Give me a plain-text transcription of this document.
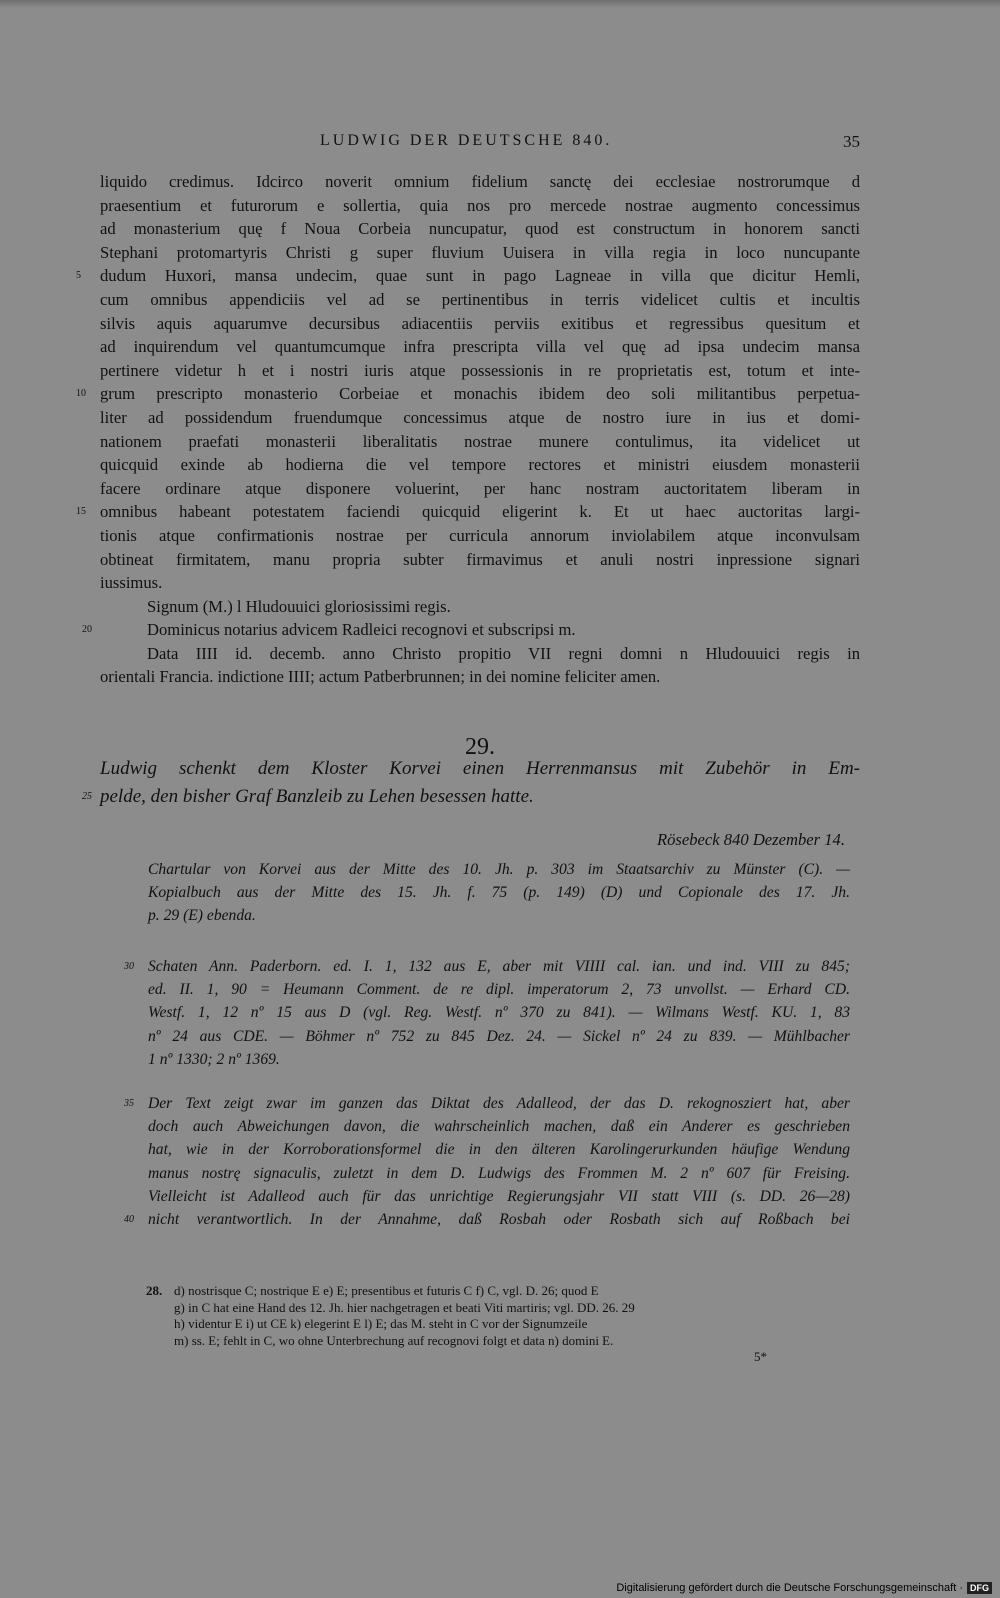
LUDWIG DER DEUTSCHE 840.	35
liquido credimus. Idcirco noverit omnium fidelium sanctę dei ecclesiae nostrorumque d
praesentium et futurorum e sollertia, quia nos pro mercede nostrae augmento concessimus
ad monasterium quę f Noua Corbeia nuncupatur, quod est constructum in honorem sancti
Stephani protomartyris Christi g super fluvium Uuisera in villa regia in loco nuncupante
5	dudum Huxori, mansa undecim, quae sunt in pago Lagneae in villa que dicitur Hemli,
cum omnibus appendiciis vel ad se pertinentibus in terris videlicet cultis et incultis
silvis aquis aquarumve decursibus adiacentiis perviis exitibus et regressibus quesitum et
ad inquirendum vel quantumcumque infra prescripta villa vel quę ad ipsa undecim mansa
pertinere videtur h et i nostri iuris atque possessionis in re proprietatis est, totum et inte-
10 grum prescripto monasterio Corbeiae et monachis ibidem deo soli militantibus perpetua-
liter ad possidendum fruendumque concessimus atque de nostro iure in ius et domi-
nationem praefati monasterii liberalitatis nostrae munere contulimus, ita videlicet ut
quicquid exinde ab hodierna die vel tempore rectores et ministri eiusdem monasterii
facere ordinare atque disponere voluerint, per hanc nostram auctoritatem liberam in
15 omnibus habeant potestatem faciendi quicquid eligerint k. Et ut haec auctoritas largi-
tionis atque confirmationis nostrae per curricula annorum inviolabilem atque inconvulsam
obtineat firmitatem, manu propria subter firmavimus et anuli nostri inpressione signari
iussimus.
Signum (M.) l Hludouuici gloriosissimi regis.
20	Dominicus notarius advicem Radleici recognovi et subscripsi m.
Data IIII id. decemb. anno Christo propitio VII regni domni n Hludouuici regis in
orientali Francia. indictione IIII; actum Patberbrunnen; in dei nomine feliciter amen.
29.
Ludwig schenkt dem Kloster Korvei einen Herrenmansus mit Zubehör in Em-
25 pelde, den bisher Graf Banzleib zu Lehen besessen hatte.
Rösebeck 840 Dezember 14.
Chartular von Korvei aus der Mitte des 10. Jh. p. 303 im Staatsarchiv zu Münster (C). —
Kopialbuch aus der Mitte des 15. Jh. f. 75 (p. 149) (D) und Copionale des 17. Jh.
p. 29 (E) ebenda.
30 Schaten Ann. Paderborn. ed. I. 1, 132 aus E, aber mit VIIII cal. ian. und ind. VIII zu 845;
ed. II. 1, 90 = Heumann Comment. de re dipl. imperatorum 2, 73 unvollst. — Erhard CD.
Westf. 1, 12 nº 15 aus D (vgl. Reg. Westf. nº 370 zu 841). — Wilmans Westf. KU. 1, 83
nº 24 aus CDE. — Böhmer nº 752 zu 845 Dez. 24. — Sickel nº 24 zu 839. — Mühlbacher
1 nº 1330; 2 nº 1369.
35 Der Text zeigt zwar im ganzen das Diktat des Adalleod, der das D. rekognosziert hat, aber
doch auch Abweichungen davon, die wahrscheinlich machen, daß ein Anderer es geschrieben
hat, wie in der Korroborationsformel die in den älteren Karolingerurkunden häufige Wendung
manus nostrę signaculis, zuletzt in dem D. Ludwigs des Frommen M. 2 nº 607 für Freising.
Vielleicht ist Adalleod auch für das unrichtige Regierungsjahr VII statt VIII (s. DD. 26—28)
40 nicht verantwortlich. In der Annahme, daß Rosbah oder Rosbath sich auf Roßbach bei
28. d) nostrisque C; nostrique E e) E; presentibus et futuris C f) C, vgl. D. 26; quod E
g) in C hat eine Hand des 12. Jh. hier nachgetragen et beati Viti martiris; vgl. DD. 26. 29
h) videntur E i) ut CE k) elegerint E l) E; das M. steht in C vor der Signumzeile
m) ss. E; fehlt in C, wo ohne Unterbrechung auf recognovi folgt et data n) domini E.
5*
Digitalisierung gefördert durch die Deutsche Forschungsgemeinschaft · DFG
